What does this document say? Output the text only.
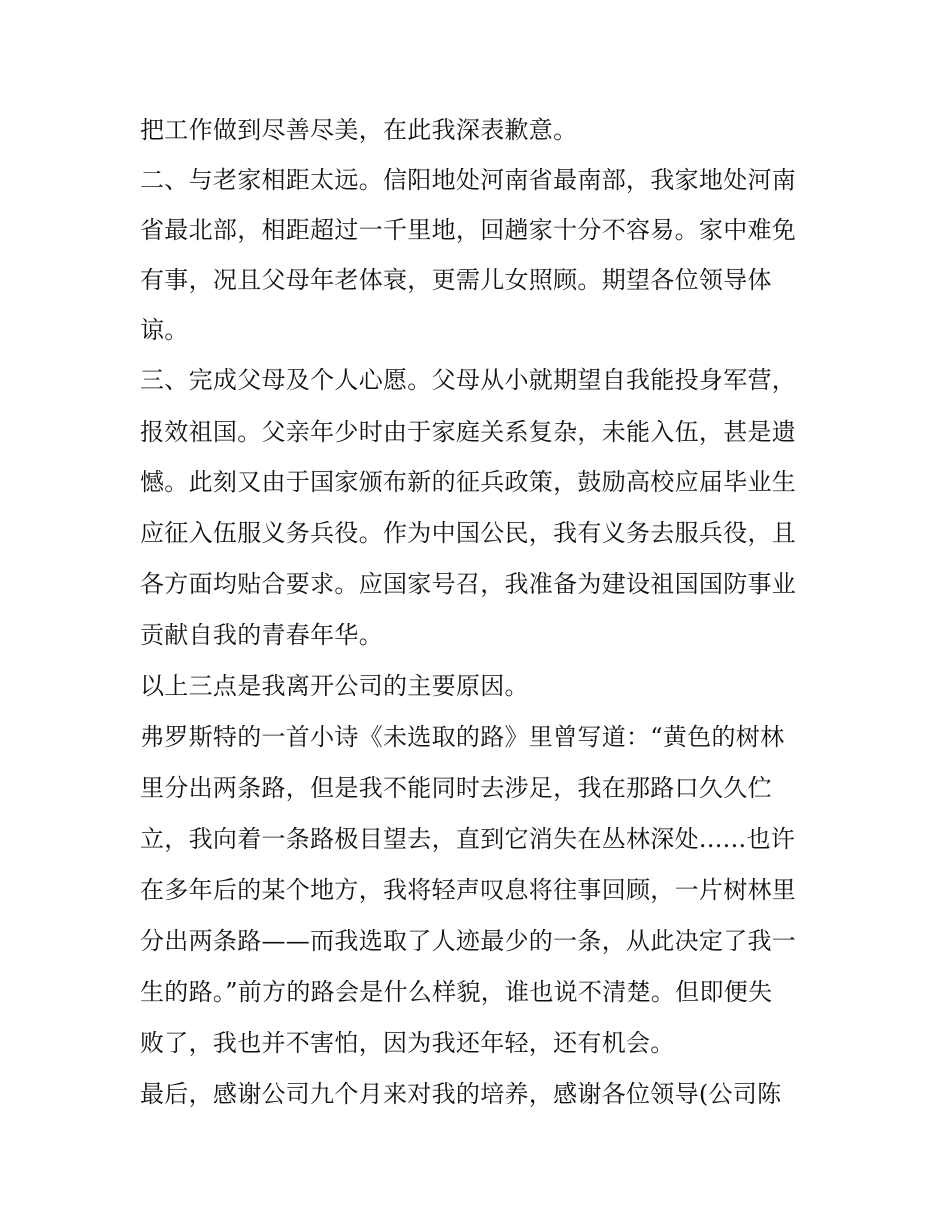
把工作做到尽善尽美，在此我深表歉意。
二、与老家相距太远。信阳地处河南省最南部，我家地处河南
省最北部，相距超过一千里地，回趟家十分不容易。家中难免
有事，况且父母年老体衰，更需儿女照顾。期望各位领导体
谅。
三、完成父母及个人心愿。父母从小就期望自我能投身军营，
报效祖国。父亲年少时由于家庭关系复杂，未能入伍，甚是遗
憾。此刻又由于国家颁布新的征兵政策，鼓励高校应届毕业生
应征入伍服义务兵役。作为中国公民，我有义务去服兵役，且
各方面均贴合要求。应国家号召，我准备为建设祖国国防事业
贡献自我的青春年华。
以上三点是我离开公司的主要原因。
弗罗斯特的一首小诗《未选取的路》里曾写道：“黄色的树林
里分出两条路，但是我不能同时去涉足，我在那路口久久伫
立，我向着一条路极目望去，直到它消失在丛林深处......也许
在多年后的某个地方，我将轻声叹息将往事回顾，一片树林里
分出两条路——而我选取了人迹最少的一条，从此决定了我一
生的路。”前方的路会是什么样貌，谁也说不清楚。但即便失
败了，我也并不害怕，因为我还年轻，还有机会。
最后，感谢公司九个月来对我的培养，感谢各位领导(公司陈
